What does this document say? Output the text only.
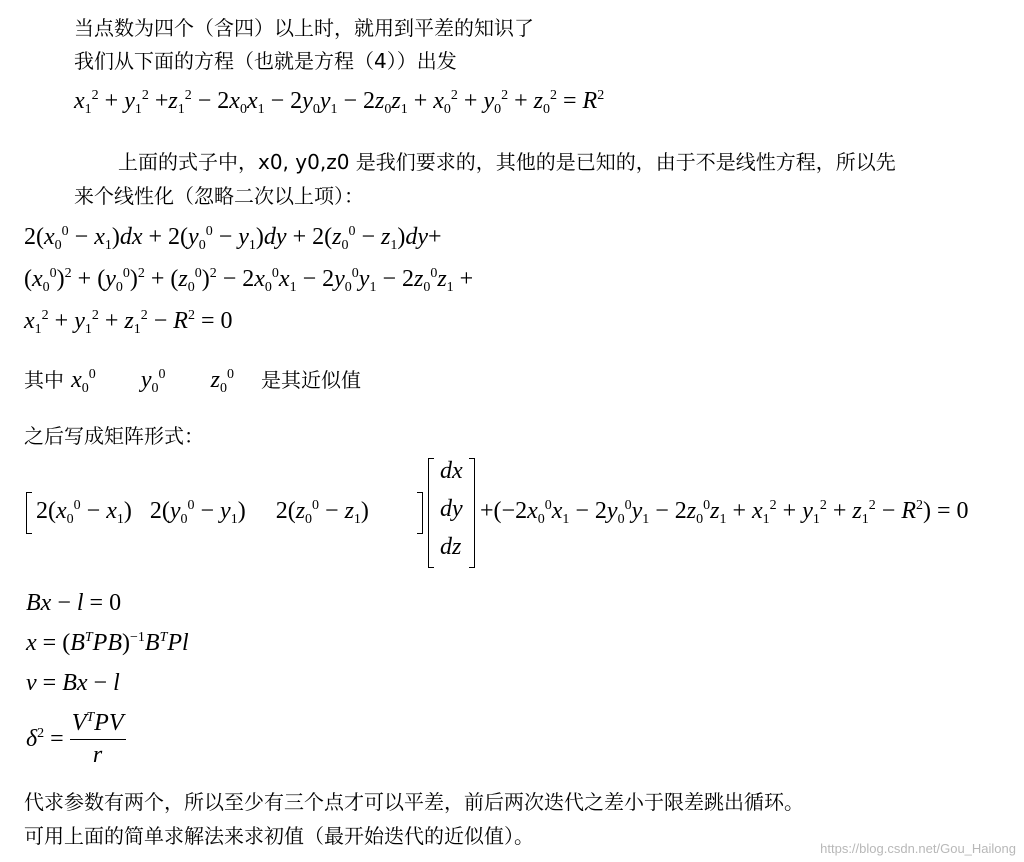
当点数为四个（含四）以上时，就用到平差的知识了
我们从下面的方程（也就是方程（4））出发
$x_1^2 + y_1^2 +z_1^2 - 2x_0x_1 - 2y_0y_1 - 2z_0z_1 + x_0^2 + y_0^2 + z_0^2 = R^2$
上面的式子中，x0, y0,z0 是我们要求的，其他的是已知的，由于不是线性方程，所以先
来个线性化（忽略二次以上项）：
$2(x_0^0 - x_1)dx + 2(y_0^0 - y_1)dy + 2(z_0^0 - z_1)dy+$
$(x_0^0)^2 + (y_0^0)^2 + (z_0^0)^2 - 2x_0^0x_1 - 2y_0^0y_1 - 2z_0^0z_1$ +
$x_1^2 + y_1^2 + z_1^2 - R^2 = 0$
其中 $x_0^0$ $y_0^0$ $z_0^0$ 是其近似值
之后写成矩阵形式：
$2(x_0^0 - x_1) 2(y_0^0 - y_1)$     $2(z_0^0 - z_1)$
dx
dy
dz
$+(-2x_0^0x_1 - 2y_0^0y_1 - 2z_0^0z_1 + x_1^2 + y_1^2 + z_1^2 - R^2) = 0$
Bx − l = 0
$x = (B^TPB)^{-1}B^TPl$
v = Bx − l
$\delta^2 = \frac{V^TPV}{r}$
代求参数有两个，所以至少有三个点才可以平差，前后两次迭代之差小于限差跳出循环。
可用上面的简单求解法来求初值（最开始迭代的近似值）。
https://blog.csdn.net/Gou_Hailong
